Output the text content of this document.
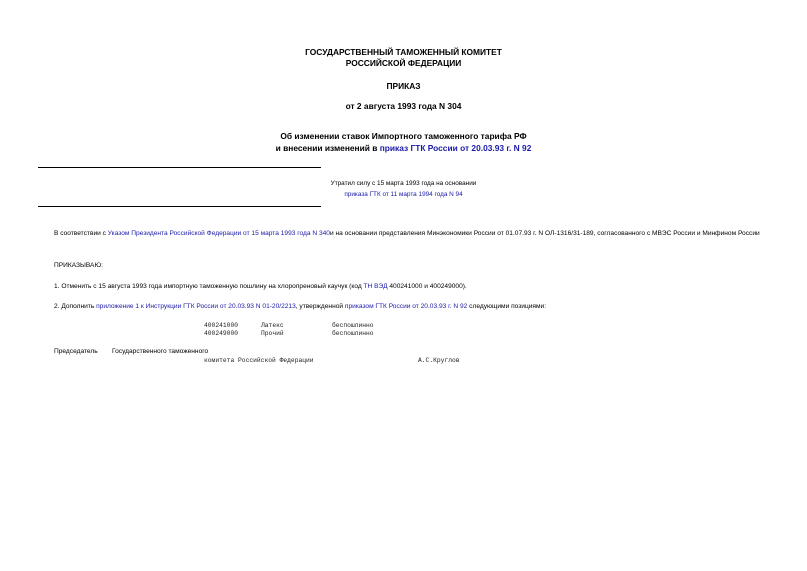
ГОСУДАРСТВЕННЫЙ ТАМОЖЕННЫЙ КОМИТЕТ
РОССИЙСКОЙ ФЕДЕРАЦИИ
ПРИКАЗ
от 2 августа 1993 года N 304
Об изменении ставок Импортного таможенного тарифа РФ
и внесении изменений в приказ ГТК России от 20.03.93 г. N 92
Утратил силу с 15 марта 1993 года на основании
приказа ГТК от 11 марта 1994 года N 94
В соответствии с Указом Президента Российской Федерации от 15 марта 1993 года N 340и на основании представления Минэкономики России от 01.07.93 г. N ОЛ-1316/31-189, согласованного с МВЭС России и Минфином России
ПРИКАЗЫВАЮ:
1. Отменить с 15 августа 1993 года импортную таможенную пошлину на хлоропреновый каучук (код ТН ВЭД 400241000 и 400249000).
2. Дополнить приложение 1 к Инструкции ГТК России от 20.03.93 N 01-20/2213, утвержденной приказом ГТК России от 20.03.93 г. N 92 следующими позициями:
400241000	Латекс	беспошлинно
400249000	Прочий	беспошлинно
Председатель Государственного таможенного
комитета Российской Федерации	А.С.Круглов
